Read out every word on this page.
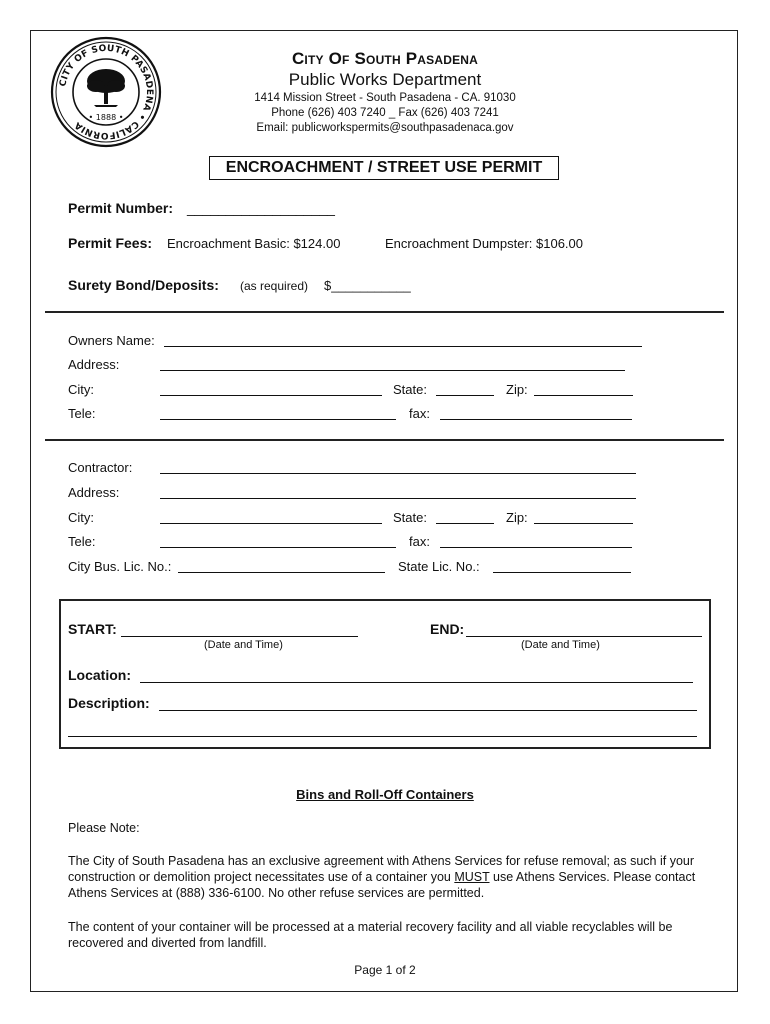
CITY OF SOUTH PASADENA • CALIFORNIA
• 1888 •
City Of South Pasadena
Public Works Department
1414 Mission Street - South Pasadena - CA. 91030
Phone (626) 403 7240 _ Fax (626) 403 7241
Email: publicworkspermits@southpasadenaca.gov
ENCROACHMENT / STREET USE PERMIT
Permit Number: ___________________
Permit Fees: Encroachment Basic: $124.00	Encroachment Dumpster: $106.00
Surety Bond/Deposits: (as required) $___________
Owners Name:
Address:
City:	State:	Zip:
Tele:	fax:
Contractor:
Address:
City:	State:	Zip:
Tele:	fax:
City Bus. Lic. No.:	State Lic. No.:
START:
(Date and Time)
END:
(Date and Time)
Location:
Description:
Bins and Roll-Off Containers
Please Note:
The City of South Pasadena has an exclusive agreement with Athens Services for refuse removal; as such if your construction or demolition project necessitates use of a container you MUST use Athens Services. Please contact Athens Services at (888) 336-6100. No other refuse services are permitted.
The content of your container will be processed at a material recovery facility and all viable recyclables will be recovered and diverted from landfill.
Page 1 of 2
